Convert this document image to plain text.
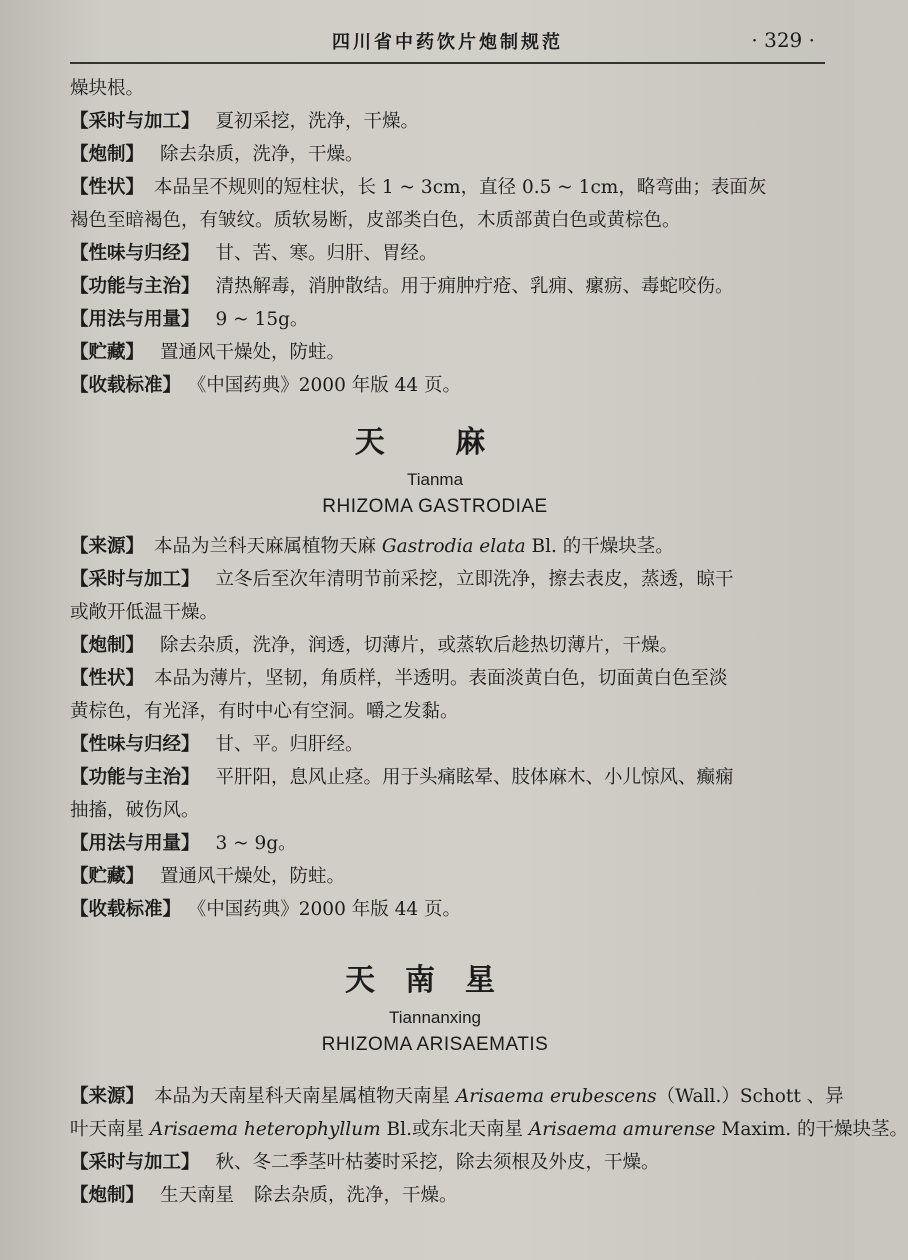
四川省中药饮片炮制规范	· 329 ·
燥块根。
【采时与加工】 夏初采挖，洗净，干燥。
【炮制】 除去杂质，洗净，干燥。
【性状】 本品呈不规则的短柱状，长 1 ~ 3cm，直径 0.5 ~ 1cm，略弯曲；表面灰
褐色至暗褐色，有皱纹。质软易断，皮部类白色，木质部黄白色或黄棕色。
【性味与归经】 甘、苦、寒。归肝、胃经。
【功能与主治】 清热解毒，消肿散结。用于痈肿疔疮、乳痈、瘰疬、毒蛇咬伤。
【用法与用量】 9 ~ 15g。
【贮藏】 置通风干燥处，防蛀。
【收载标准】 《中国药典》2000 年版 44 页。
天 麻
Tianma
RHIZOMA GASTRODIAE
【来源】 本品为兰科天麻属植物天麻 Gastrodia elata Bl. 的干燥块茎。
【采时与加工】 立冬后至次年清明节前采挖，立即洗净，擦去表皮，蒸透，晾干
或敞开低温干燥。
【炮制】 除去杂质，洗净，润透，切薄片，或蒸软后趁热切薄片，干燥。
【性状】 本品为薄片，坚韧，角质样，半透明。表面淡黄白色，切面黄白色至淡
黄棕色，有光泽，有时中心有空洞。嚼之发黏。
【性味与归经】 甘、平。归肝经。
【功能与主治】 平肝阳，息风止痉。用于头痛眩晕、肢体麻木、小儿惊风、癫痫
抽搐，破伤风。
【用法与用量】 3 ~ 9g。
【贮藏】 置通风干燥处，防蛀。
【收载标准】 《中国药典》2000 年版 44 页。
天南星
Tiannanxing
RHIZOMA ARISAEMATIS
【来源】 本品为天南星科天南星属植物天南星 Arisaema erubescens（Wall.）Schott 、异
叶天南星 Arisaema heterophyllum Bl.或东北天南星 Arisaema amurense Maxim. 的干燥块茎。
【采时与加工】 秋、冬二季茎叶枯萎时采挖，除去须根及外皮，干燥。
【炮制】 生天南星 除去杂质，洗净，干燥。
